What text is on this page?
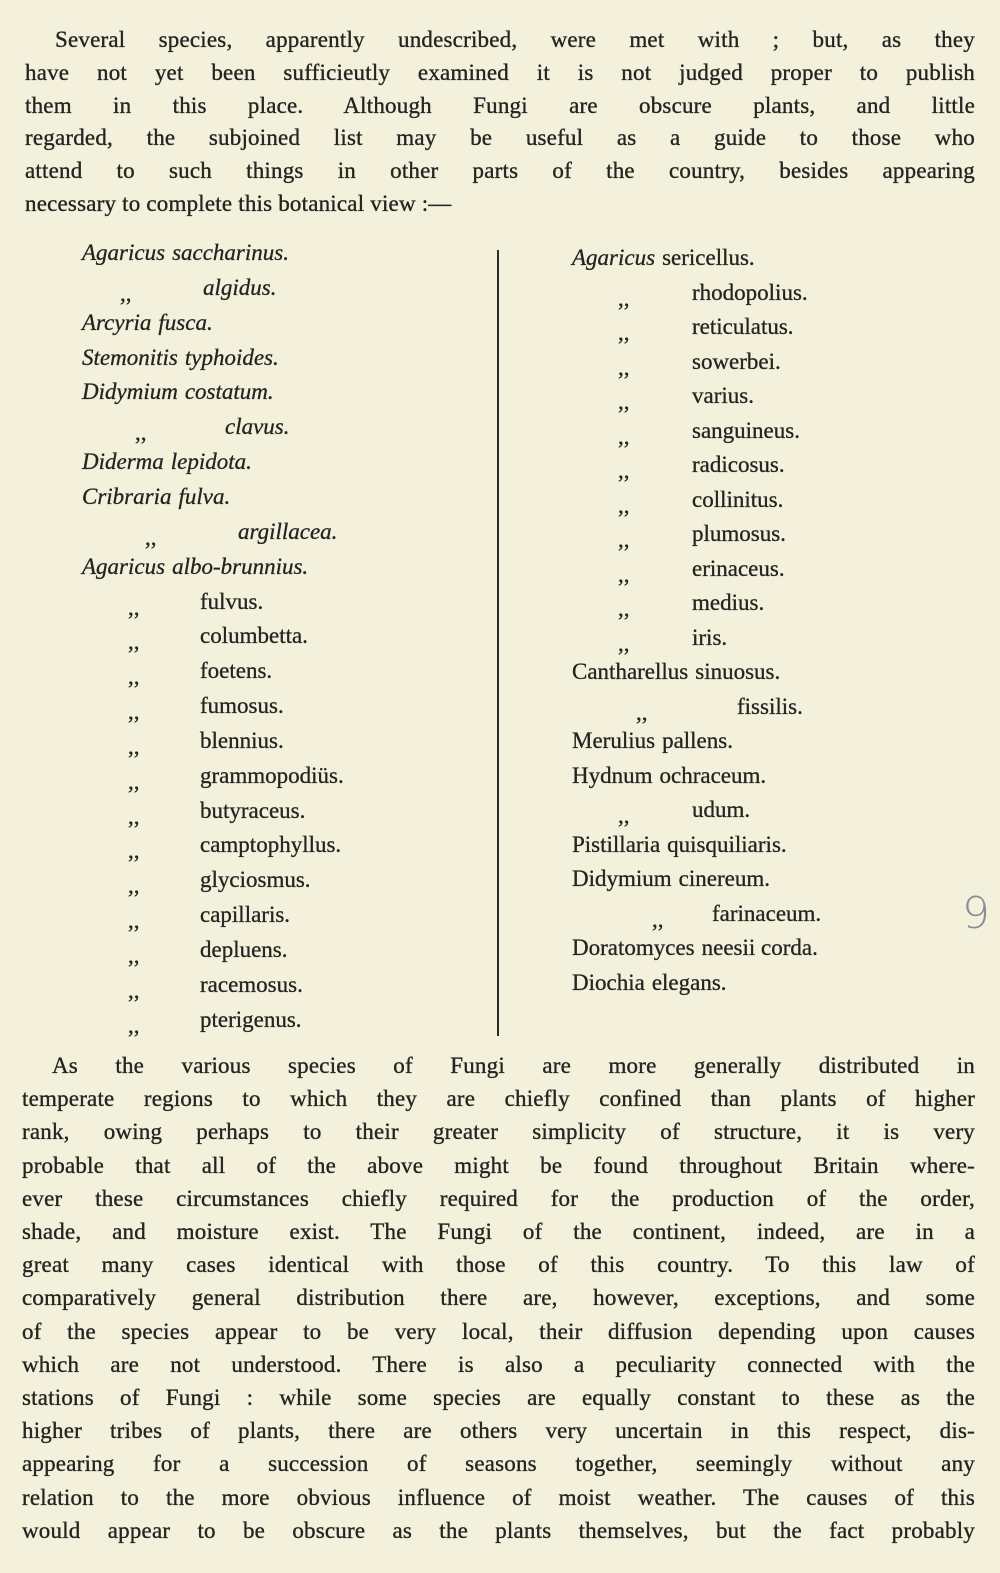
Several species, apparently undescribed, were met with ; but, as they
have not yet been sufficieutly examined it is not judged proper to publish
them in this place. Although Fungi are obscure plants, and little
regarded, the subjoined list may be useful as a guide to those who
attend to such things in other parts of the country, besides appearing
necessary to complete this botanical view :—
Agaricus saccharinus.
,,	algidus.
Arcyria fusca.
Stemonitis typhoides.
Didymium costatum.
,,	clavus.
Diderma lepidota.
Cribraria fulva.
,,	argillacea.
Agaricus albo-brunnius.
,,	fulvus.
,,	columbetta.
,,	foetens.
,,	fumosus.
,,	blennius.
,,	grammopodiüs.
,,	butyraceus.
,,	camptophyllus.
,,	glyciosmus.
,,	capillaris.
,,	depluens.
,,	racemosus.
,,	pterigenus.
Agaricus sericellus.
,,	rhodopolius.
,,	reticulatus.
,,	sowerbei.
,,	varius.
,,	sanguineus.
,,	radicosus.
,,	collinitus.
,,	plumosus.
,,	erinaceus.
,,	medius.
,,	iris.
Cantharellus sinuosus.
,,	fissilis.
Merulius pallens.
Hydnum ochraceum.
,,	udum.
Pistillaria quisquiliaris.
Didymium cinereum.
,, farinaceum.
Doratomyces neesii corda.
Diochia elegans.
As the various species of Fungi are more generally distributed in
temperate regions to which they are chiefly confined than plants of higher
rank, owing perhaps to their greater simplicity of structure, it is very
probable that all of the above might be found throughout Britain where-
ever these circumstances chiefly required for the production of the order,
shade, and moisture exist. The Fungi of the continent, indeed, are in a
great many cases identical with those of this country. To this law of
comparatively general distribution there are, however, exceptions, and some
of the species appear to be very local, their diffusion depending upon causes
which are not understood. There is also a peculiarity connected with the
stations of Fungi : while some species are equally constant to these as the
higher tribes of plants, there are others very uncertain in this respect, dis-
appearing for a succession of seasons together, seemingly without any
relation to the more obvious influence of moist weather. The causes of this
would appear to be obscure as the plants themselves, but the fact probably
9
